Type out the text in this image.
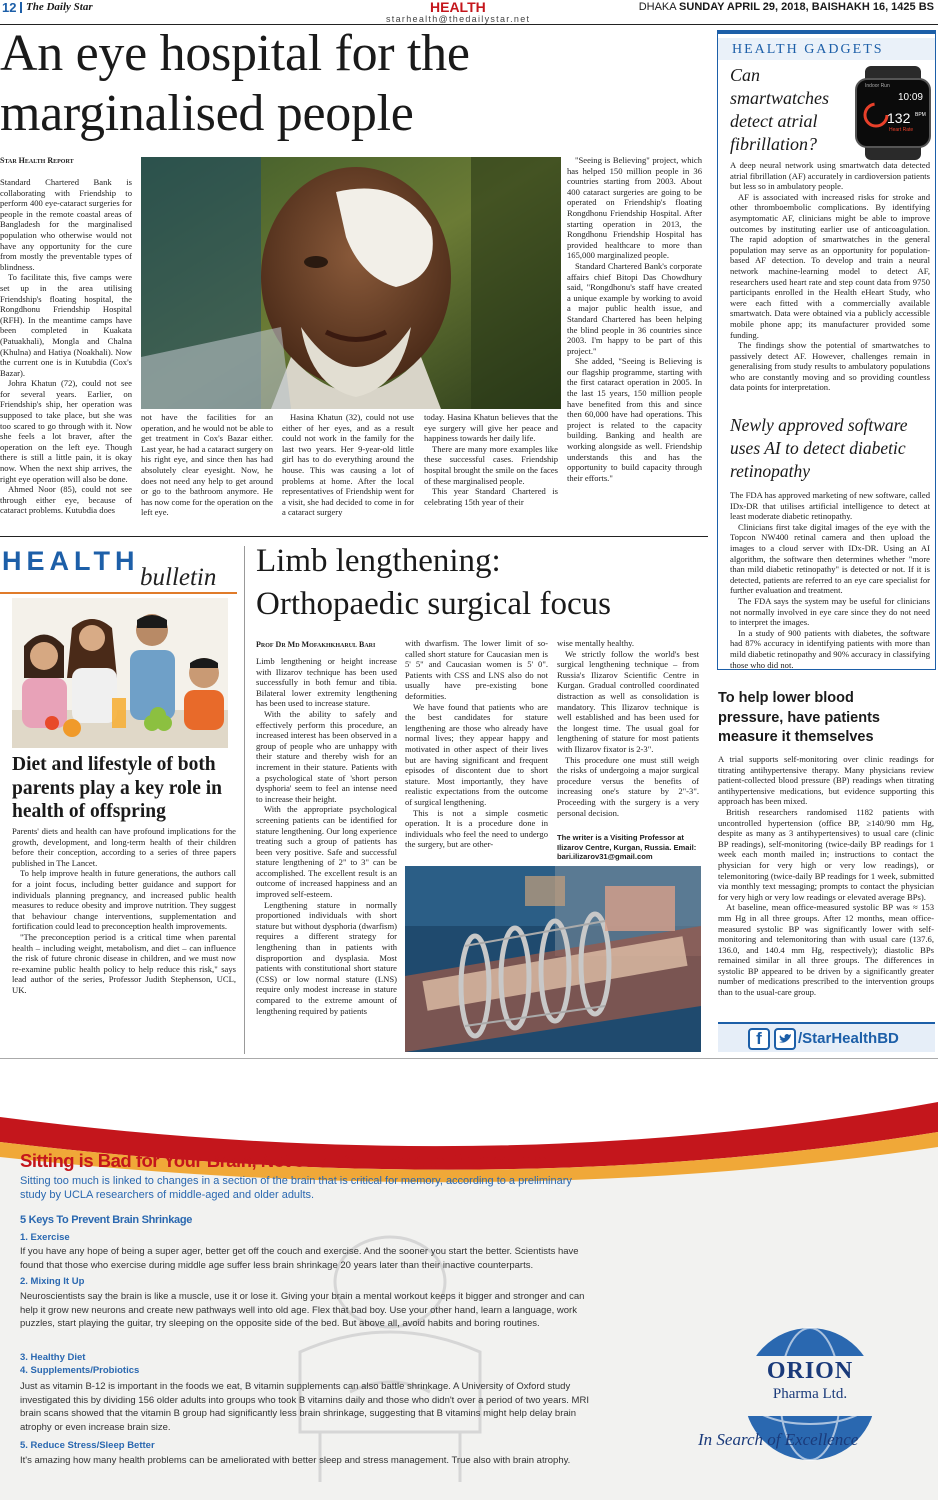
12 The Daily Star	HEALTH
starhealth@thedailystar.net
DHAKA SUNDAY APRIL 29, 2018, BAISHAKH 16, 1425 BS
An eye hospital for the
marginalised people
Star Health Report

Standard Chartered Bank is collaborating with Friendship to perform 400 eye-cataract surgeries for people in the remote coastal areas of Bangladesh for the marginalised population who otherwise would not have any opportunity for the cure from mostly the preventable types of blindness.

To facilitate this, five camps were set up in the area utilising Friendship's floating hospital, the Rongdhonu Friendship Hospital (RFH). In the meantime camps have been completed in Kuakata (Patuakhali), Mongla and Chalna (Khulna) and Hatiya (Noakhali). Now the current one is in Kutubdia (Cox's Bazar).

Johra Khatun (72), could not see for several years. Earlier, on Friendship's ship, her operation was supposed to take place, but she was too scared to go through with it. Now she feels a lot braver, after the operation on the left eye. Though there is still a little pain, it is okay now. When the next ship arrives, the right eye operation will also be done.

Ahmed Noor (85), could not see through either eye, because of cataract problems. Kutubdia does

not have the facilities for an operation, and he would not be able to get treatment in Cox's Bazar either. Last year, he had a cataract surgery on his right eye, and since then has had absolutely clear eyesight. Now, he does not need any help to get around or go to the bathroom anymore. He has now come for the operation on the left eye.

Hasina Khatun (32), could not use either of her eyes, and as a result could not work in the family for the last two years. Her 9-year-old little girl has to do everything around the house. This was causing a lot of problems at home. After the local representatives of Friendship went for a visit, she had decided to come in for a cataract surgery

today. Hasina Khatun believes that the eye surgery will give her peace and happiness towards her daily life.

There are many more examples like these successful cases. Friendship hospital brought the smile on the faces of these marginalised people.

This year Standard Chartered is celebrating 15th year of their

"Seeing is Believing" project, which has helped 150 million people in 36 countries starting from 2003. About 400 cataract surgeries are going to be operated on Friendship's floating Rongdhonu Friendship Hospital. After starting operation in 2013, the Rongdhonu Friendship Hospital has provided healthcare to more than 165,000 marginalized people.

Standard Chartered Bank's corporate affairs chief Bitopi Das Chowdhury said, "Rongdhonu's staff have created a unique example by working to avoid a major public health issue, and Standard Chartered has been helping the blind people in 36 countries since 2003. I'm happy to be part of this project."

She added, "Seeing is Believing is our flagship programme, starting with the first cataract operation in 2005. In the last 15 years, 150 million people have benefited from this and since then 60,000 have had operations. This project is related to the capacity building. Banking and health are working alongside as well. Friendship understands this and has the opportunity to build capacity through their efforts."

HEALTH GADGETS
Can smartwatches detect atrial fibrillation?
Indoor Run
10:09
132 BPM
Heart Rate

A deep neural network using smartwatch data detected atrial fibrillation (AF) accurately in cardioversion patients but less so in ambulatory people.

AF is associated with increased risks for stroke and other thromboembolic complications. By identifying asymptomatic AF, clinicians might be able to improve outcomes by instituting earlier use of anticoagulation. The rapid adoption of smartwatches in the general population may serve as an opportunity for population-based AF detection. To develop and train a neural network machine-learning model to detect AF, researchers used heart rate and step count data from 9750 participants enrolled in the Health eHeart Study, who were each fitted with a commercially available smartwatch. Data were obtained via a publicly accessible mobile phone app; its manufacturer provided some funding.

The findings show the potential of smartwatches to passively detect AF. However, challenges remain in generalising from study results to ambulatory populations who are constantly moving and so providing countless data points for interpretation.

Newly approved software uses AI to detect diabetic retinopathy

The FDA has approved marketing of new software, called IDx-DR that utilises artificial intelligence to detect at least moderate diabetic retinopathy.

Clinicians first take digital images of the eye with the Topcon NW400 retinal camera and then upload the images to a cloud server with IDx-DR. Using an AI algorithm, the software then determines whether "more than mild diabetic retinopathy" is detected or not. If it is detected, patients are referred to an eye care specialist for further evaluation and treatment.

The FDA says the system may be useful for clinicians not normally involved in eye care since they do not need to interpret the images.

In a study of 900 patients with diabetes, the software had 87% accuracy in identifying patients with more than mild diabetic retinopathy and 90% accuracy in classifying those who did not.

To help lower blood pressure, have patients measure it themselves

A trial supports self-monitoring over clinic readings for titrating antihypertensive therapy. Many physicians review patient-collected blood pressure (BP) readings when titrating antihypertensive medications, but evidence supporting this approach has been mixed.

British researchers randomised 1182 patients with uncontrolled hypertension (office BP, ≥140/90 mm Hg, despite as many as 3 antihypertensives) to usual care (clinic BP readings), self-monitoring (twice-daily BP readings for 1 week each month mailed in; instructions to contact the physician for very high or very low readings), or telemonitoring (twice-daily BP readings for 1 week, submitted via monthly text messaging; prompts to contact the physician for very high or very low readings or elevated average BPs).

At baseline, mean office-measured systolic BP was ≈ 153 mm Hg in all three groups. After 12 months, mean office-measured systolic BP was significantly lower with self-monitoring and telemonitoring than with usual care (137.6, 136.0, and 140.4 mm Hg, respectively); diastolic BPs remained similar in all three groups. The differences in systolic BP appeared to be driven by a significantly greater number of medications prescribed to the intervention groups than to the usual-care group.

f	/StarHealthBD
HEALTH
bulletin
Diet and lifestyle of both parents play a key role in health of offspring

Parents' diets and health can have profound implications for the growth, development, and long-term health of their children before their conception, according to a series of three papers published in The Lancet.

To help improve health in future generations, the authors call for a joint focus, including better guidance and support for individuals planning pregnancy, and increased public health measures to reduce obesity and improve nutrition. They suggest that behaviour change interventions, supplementation and fortification could lead to preconception health improvements.

"The preconception period is a critical time when parental health – including weight, metabolism, and diet – can influence the risk of future chronic disease in children, and we must now re-examine public health policy to help reduce this risk," says lead author of the series, Professor Judith Stephenson, UCL, UK.

Limb lengthening:
Orthopaedic surgical focus
Prof Dr Md Mofakhkharul Bari

Limb lengthening or height increase with Ilizarov technique has been used successfully in both femur and tibia. Bilateral lower extremity lengthening has been used to increase stature.

With the ability to safely and effectively perform this procedure, an increased interest has been observed in a group of people who are unhappy with their stature and thereby wish for an increment in their stature. Patients with a psychological state of 'short person dysphoria' seem to feel an intense need to increase their height.

With the appropriate psychological screening patients can be identified for stature lengthening. Our long experience treating such a group of patients has been very positive. Safe and successful stature lengthening of 2" to 3" can be accomplished. The excellent result is an outcome of increased happiness and an improved self-esteem.

Lengthening stature in normally proportioned individuals with short stature but without dysphoria (dwarfism) requires a different strategy for lengthening than in patients with disproportion and dysplasia. Most patients with constitutional short stature (CSS) or low normal stature (LNS) require only modest increase in stature compared to the extreme amount of lengthening required by patients

with dwarfism. The lower limit of so-called short stature for Caucasian men is 5' 5" and Caucasian women is 5' 0". Patients with CSS and LNS also do not usually have pre-existing bone deformities.

We have found that patients who are the best candidates for stature lengthening are those who already have normal lives; they appear happy and motivated in other aspect of their lives but are having significant and frequent episodes of discontent due to short stature. Most importantly, they have realistic expectations from the outcome of surgical lengthening.

This is not a simple cosmetic operation. It is a procedure done in individuals who feel the need to undergo the surgery, but are other-

wise mentally healthy.

We strictly follow the world's best surgical lengthening technique – from Russia's Ilizarov Scientific Centre in Kurgan. Gradual controlled coordinated distraction as well as consolidation is mandatory. This Ilizarov technique is well established and has been used for the longest time. The usual goal for lengthening of stature for most patients with Ilizarov fixator is 2-3".

This procedure one must still weigh the risks of undergoing a major surgical procedure versus the benefits of increasing one's stature by 2"-3". Proceeding with the surgery is a very personal decision.

The writer is a Visiting Professor at Ilizarov Centre, Kurgan, Russia. Email: bari.ilizarov31@gmail.com
Sitting is Bad for Your Brain, Not Just Your Heart or Metabolism
Sitting too much is linked to changes in a section of the brain that is critical for memory, according to a preliminary study by UCLA researchers of middle-aged and older adults.
5 Keys To Prevent Brain Shrinkage
1. Exercise
If you have any hope of being a super ager, better get off the couch and exercise. And the sooner you start the better. Scientists have found that those who exercise during middle age suffer less brain shrinkage 20 years later than their inactive counterparts.
2. Mixing It Up
Neuroscientists say the brain is like a muscle, use it or lose it. Giving your brain a mental workout keeps it bigger and stronger and can help it grow new neurons and create new pathways well into old age. Flex that bad boy. Use your other hand, learn a language, work puzzles, start playing the guitar, try sleeping on the opposite side of the bed. But above all, avoid habits and boring routines.
3. Healthy Diet
4. Supplements/Probiotics
Just as vitamin B-12 is important in the foods we eat, B vitamin supplements can also battle shrinkage. A University of Oxford study investigated this by dividing 156 older adults into groups who took B vitamins daily and those who didn't over a period of two years. MRI brain scans showed that the vitamin B group had significantly less brain shrinkage, suggesting that B vitamins might help delay brain atrophy or even increase brain size.
5. Reduce Stress/Sleep Better
It's amazing how many health problems can be ameliorated with better sleep and stress management. True also with brain atrophy.
ORION
Pharma Ltd.
In Search of Excellence
